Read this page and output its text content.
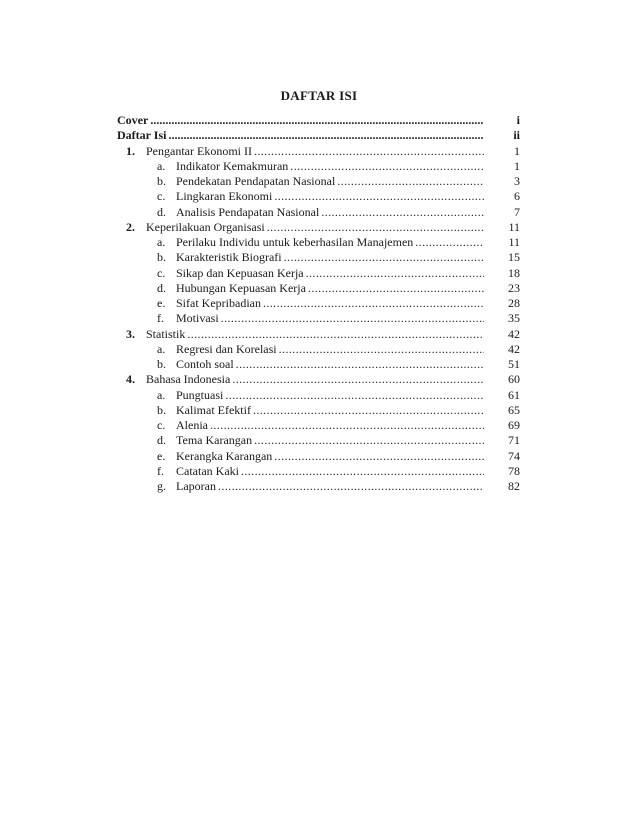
DAFTAR ISI
Cover .....	i
Daftar Isi .....	ii
1. Pengantar Ekonomi II .....	1
a. Indikator Kemakmuran .....	1
b. Pendekatan Pendapatan Nasional .....	3
c. Lingkaran Ekonomi .....	6
d. Analisis Pendapatan Nasional .....	7
2. Keperilakuan Organisasi .....	11
a. Perilaku Individu untuk keberhasilan Manajemen .....	11
b. Karakteristik Biografi .....	15
c. Sikap dan Kepuasan Kerja .....	18
d. Hubungan Kepuasan Kerja .....	23
e. Sifat Kepribadian .....	28
f.	Motivasi .....	35
3. Statistik .....	42
a. Regresi dan Korelasi .....	42
b. Contoh soal .....	51
4. Bahasa Indonesia .....	60
a. Pungtuasi .....	61
b. Kalimat Efektif .....	65
c. Alenia .....	69
d. Tema Karangan .....	71
e. Kerangka Karangan .....	74
f.	Catatan Kaki .....	78
g. Laporan .....	82
